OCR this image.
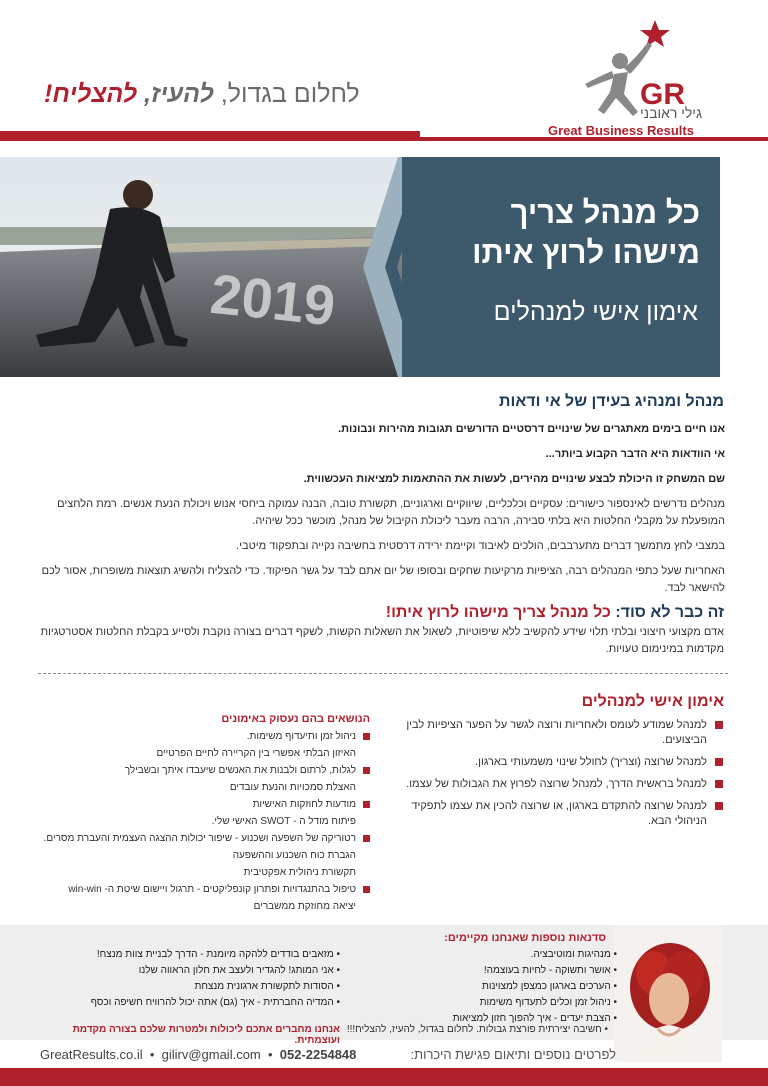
לחלום בגדול, להעיז, להצליח!	GR
גילי ראובני
Great Business Results
2019
כל מנהל צריך
מישהו לרוץ איתו
אימון אישי למנהלים
מנהל ומנהיג בעידן של אי ודאות

אנו חיים בימים מאתגרים של שינויים דרסטיים הדורשים תגובות מהירות ונבונות.

אי הוודאות היא הדבר הקבוע ביותר...

שם המשחק זו היכולת לבצע שינויים מהירים, לעשות את ההתאמות למציאות העכשווית.

מנהלים נדרשים לאינספור כישורים: עסקיים וכלכליים, שיווקיים וארגוניים, תקשורת טובה, הבנה עמוקה ביחסי אנוש ויכולת הנעת אנשים. רמת הלחצים המופעלת על מקבלי החלטות היא בלתי סבירה, הרבה מעבר ליכולת הקיבול של מנהל, מוכשר ככל שיהיה.

במצבי לחץ מתמשך דברים מתערבבים, הולכים לאיבוד וקיימת ירידה דרסטית בחשיבה נקייה ובתפקוד מיטבי.

האחריות שעל כתפי המנהלים רבה, הציפיות מרקיעות שחקים ובסופו של יום אתם לבד על גשר הפיקוד. כדי להצליח ולהשיג תוצאות משופרות, אסור לכם להישאר לבד.

זה כבר לא סוד: כל מנהל צריך מישהו לרוץ איתו!
אדם מקצועי חיצוני ובלתי תלוי שידע להקשיב ללא שיפוטיות, לשאול את השאלות הקשות, לשקף דברים בצורה נוקבת ולסייע בקבלת החלטות אסטרטגיות מקדמות במינימום טעויות.
אימון אישי למנהלים
למנהל שמודע לעומס ולאחריות ורוצה לגשר על הפער הציפיות לבין הביצועים.
למנהל שרוצה (וצריך) לחולל שינוי משמעותי בארגון.
למנהל בראשית הדרך, למנהל שרוצה לפרוץ את הגבולות של עצמו.
למנהל שרוצה להתקדם בארגון, או שרוצה להכין את עצמו לתפקיד הניהולי הבא.
הנושאים בהם נעסוק באימונים
ניהול זמן ותיעדוף משימות.
האיזון הבלתי אפשרי בין הקריירה לחיים הפרטיים
לגלות, לרתום ולבנות את האנשים שיעבדו איתך ובשבילך
האצלת סמכויות והנעת עובדים
מודעות לחוזקות האישיות
פיתוח מודל ה - SWOT האישי שלי.
רטוריקה של השפעה ושכנוע - שיפור יכולות ההצגה העצמית והעברת מסרים.
הגברת כוח השכנוע וההשפעה
תקשורת ניהולית אפקטיבית
טיפול בהתנגדויות ופתרון קונפליקטים - תרגול ויישום שיטת ה- win-win
יציאה מחוזקת ממשברים
סדנאות נוספות שאנחנו מקיימים:
• מנהיגות ומוטיבציה.
• אושר ותשוקה - לחיות בעוצמה!
• הערכים בארגון כמצפן למצוינות
• ניהול זמן וכלים לתעדוף משימות
• הצבת יעדים - איך להפוך חזון למציאות
• מזאבים בודדים ללהקה מיומנת - הדרך לבניית צוות מנצח!
• אני המותג! להגדיר ולעצב את חלון הראווה שלנו
• הסודות לתקשורת ארגונית מנצחת
• המדיה החברתית - איך (גם) אתה יכול להרוויח חשיפה וכסף
אנחנו מחברים אתכם ליכולות ולמטרות שלכם בצורה מקדמת ועוצמתית.
• חשיבה יצירתית פורצת גבולות. לחלום בגדול, להעיז, להצליח!!!
GreatResults.co.il  •  gilirv@gmail.com  •  052-2254848	לפרטים נוספים ותיאום פגישת היכרות:
